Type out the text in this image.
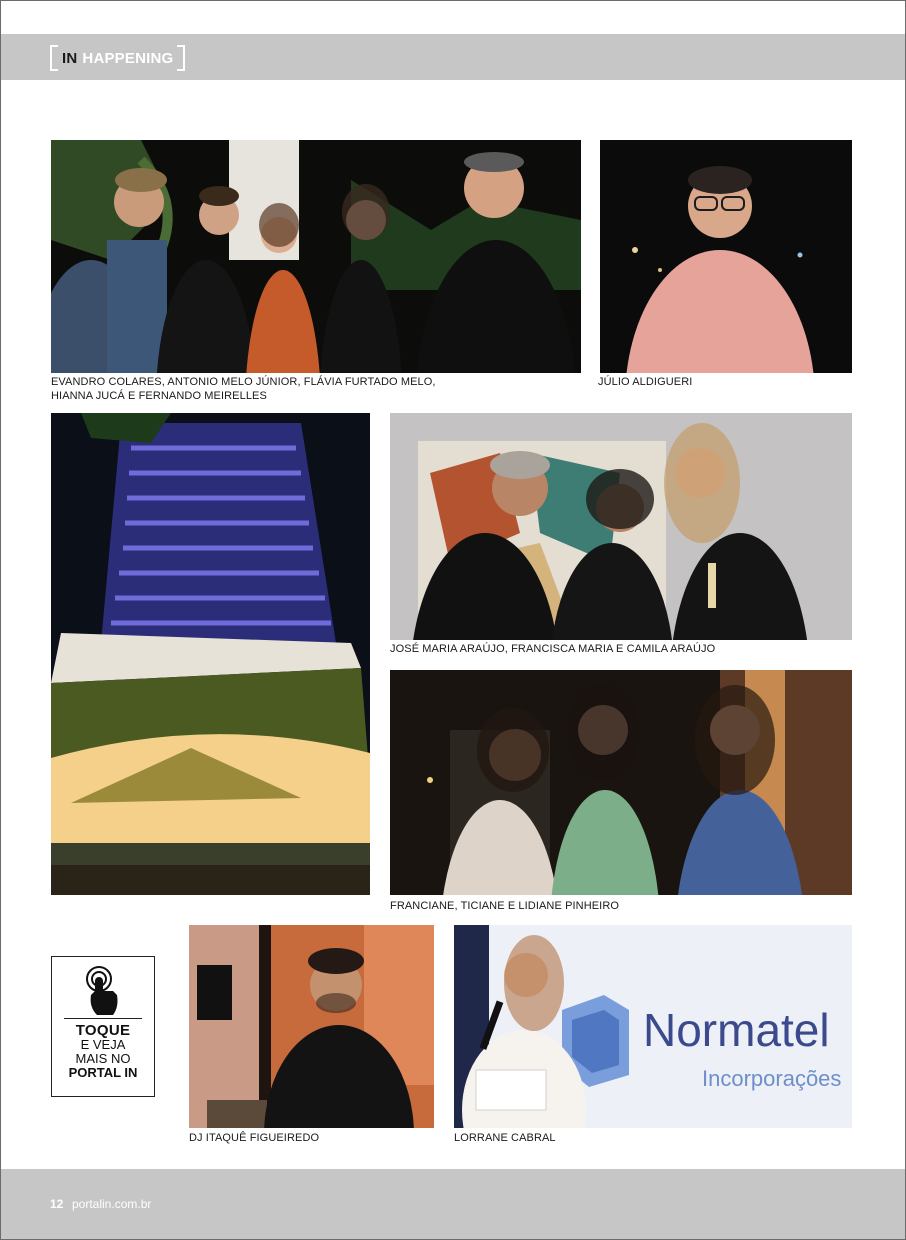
IN HAPPENING
EVANDRO COLARES, ANTONIO MELO JÚNIOR, FLÁVIA FURTADO MELO,
HIANNA JUCÁ E FERNANDO MEIRELLES
JÚLIO ALDIGUERI
JOSÉ MARIA ARAÚJO, FRANCISCA MARIA E CAMILA ARAÚJO
FRANCIANE, TICIANE E LIDIANE PINHEIRO
TOQUE
E VEJA
MAIS NO
PORTAL IN
DJ ITAQUÊ FIGUEIREDO
Normatel
Incorporações
LORRANE CABRAL
12 portalin.com.br
